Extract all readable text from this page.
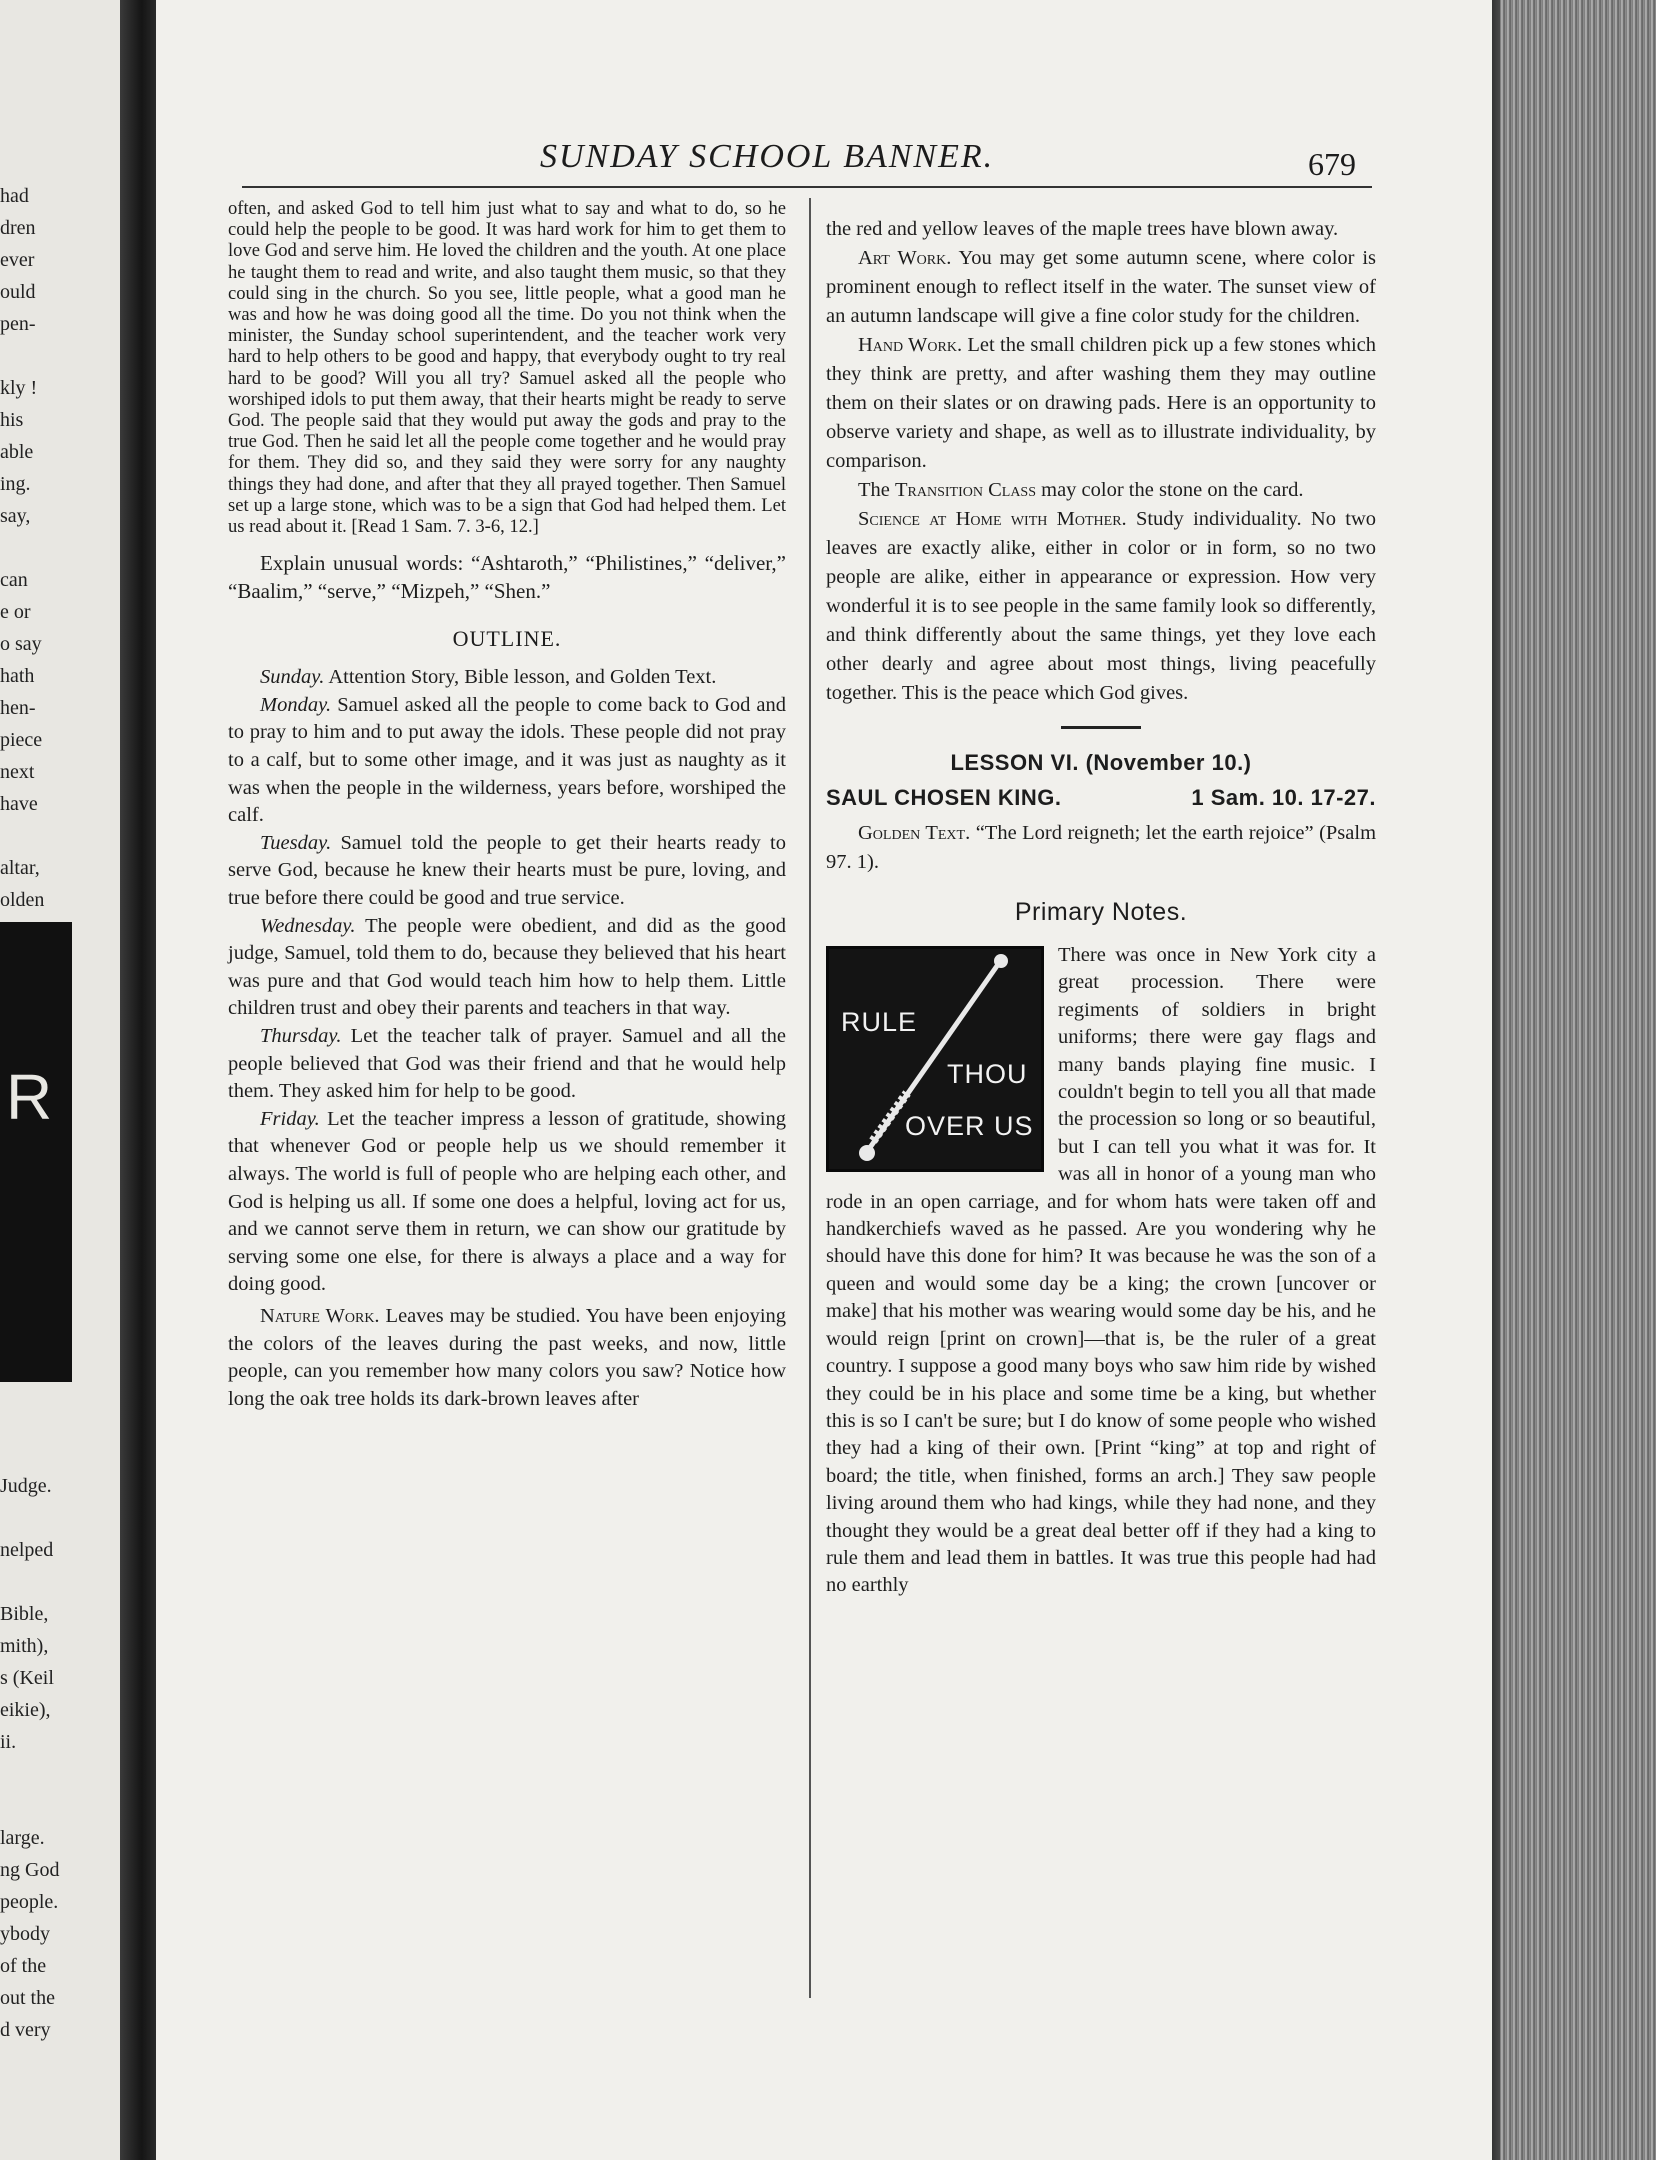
had
dren
ever
ould
pen-
kly !
his
able
ing.
say,
can
e or
o say
hath
hen-
piece
next
have
altar,
olden
R
Judge.
nelped
Bible,
mith),
s (Keil
eikie),
ii.
large.
ng God
people.
ybody
of the
out the
d very
SUNDAY SCHOOL BANNER.	679

often, and asked God to tell him just what to say and what to do, so he could help the people to be good. It was hard work for him to get them to love God and serve him. He loved the children and the youth. At one place he taught them to read and write, and also taught them music, so that they could sing in the church. So you see, little people, what a good man he was and how he was doing good all the time. Do you not think when the minister, the Sunday school superintendent, and the teacher work very hard to help others to be good and happy, that everybody ought to try real hard to be good? Will you all try? Samuel asked all the people who worshiped idols to put them away, that their hearts might be ready to serve God. The people said that they would put away the gods and pray to the true God. Then he said let all the people come together and he would pray for them. They did so, and they said they were sorry for any naughty things they had done, and after that they all prayed together. Then Samuel set up a large stone, which was to be a sign that God had helped them. Let us read about it. [Read 1 Sam. 7. 3-6, 12.]

Explain unusual words: “Ashtaroth,” “Philistines,” “deliver,” “Baalim,” “serve,” “Mizpeh,” “Shen.”

OUTLINE.

Sunday. Attention Story, Bible lesson, and Golden Text.

Monday. Samuel asked all the people to come back to God and to pray to him and to put away the idols. These people did not pray to a calf, but to some other image, and it was just as naughty as it was when the people in the wilderness, years before, worshiped the calf.

Tuesday. Samuel told the people to get their hearts ready to serve God, because he knew their hearts must be pure, loving, and true before there could be good and true service.

Wednesday. The people were obedient, and did as the good judge, Samuel, told them to do, because they believed that his heart was pure and that God would teach him how to help them. Little children trust and obey their parents and teachers in that way.

Thursday. Let the teacher talk of prayer. Samuel and all the people believed that God was their friend and that he would help them. They asked him for help to be good.

Friday. Let the teacher impress a lesson of gratitude, showing that whenever God or people help us we should remember it always. The world is full of people who are helping each other, and God is helping us all. If some one does a helpful, loving act for us, and we cannot serve them in return, we can show our gratitude by serving some one else, for there is always a place and a way for doing good.

Nature Work. Leaves may be studied. You have been enjoying the colors of the leaves during the past weeks, and now, little people, can you remember how many colors you saw? Notice how long the oak tree holds its dark-brown leaves after

the red and yellow leaves of the maple trees have blown away.

Art Work. You may get some autumn scene, where color is prominent enough to reflect itself in the water. The sunset view of an autumn landscape will give a fine color study for the children.

Hand Work. Let the small children pick up a few stones which they think are pretty, and after washing them they may outline them on their slates or on drawing pads. Here is an opportunity to observe variety and shape, as well as to illustrate individuality, by comparison.

The Transition Class may color the stone on the card.

Science at Home with Mother. Study individuality. No two leaves are exactly alike, either in color or in form, so no two people are alike, either in appearance or expression. How very wonderful it is to see people in the same family look so differently, and think differently about the same things, yet they love each other dearly and agree about most things, living peacefully together. This is the peace which God gives.

LESSON VI. (November 10.)
SAUL CHOSEN KING.	1 Sam. 10. 17-27.

Golden Text. “The Lord reigneth; let the earth rejoice” (Psalm 97. 1).

Primary Notes.
RULE
THOU
OVER US

There was once in New York city a great procession. There were regiments of soldiers in bright uniforms; there were gay flags and many bands playing fine music. I couldn't begin to tell you all that made the procession so long or so beautiful, but I can tell you what it was for. It was all in honor of a young man who rode in an open carriage, and for whom hats were taken off and handkerchiefs waved as he passed. Are you wondering why he should have this done for him? It was because he was the son of a queen and would some day be a king; the crown [uncover or make] that his mother was wearing would some day be his, and he would reign [print on crown]—that is, be the ruler of a great country. I suppose a good many boys who saw him ride by wished they could be in his place and some time be a king, but whether this is so I can't be sure; but I do know of some people who wished they had a king of their own. [Print “king” at top and right of board; the title, when finished, forms an arch.] They saw people living around them who had kings, while they had none, and they thought they would be a great deal better off if they had a king to rule them and lead them in battles. It was true this people had had no earthly
